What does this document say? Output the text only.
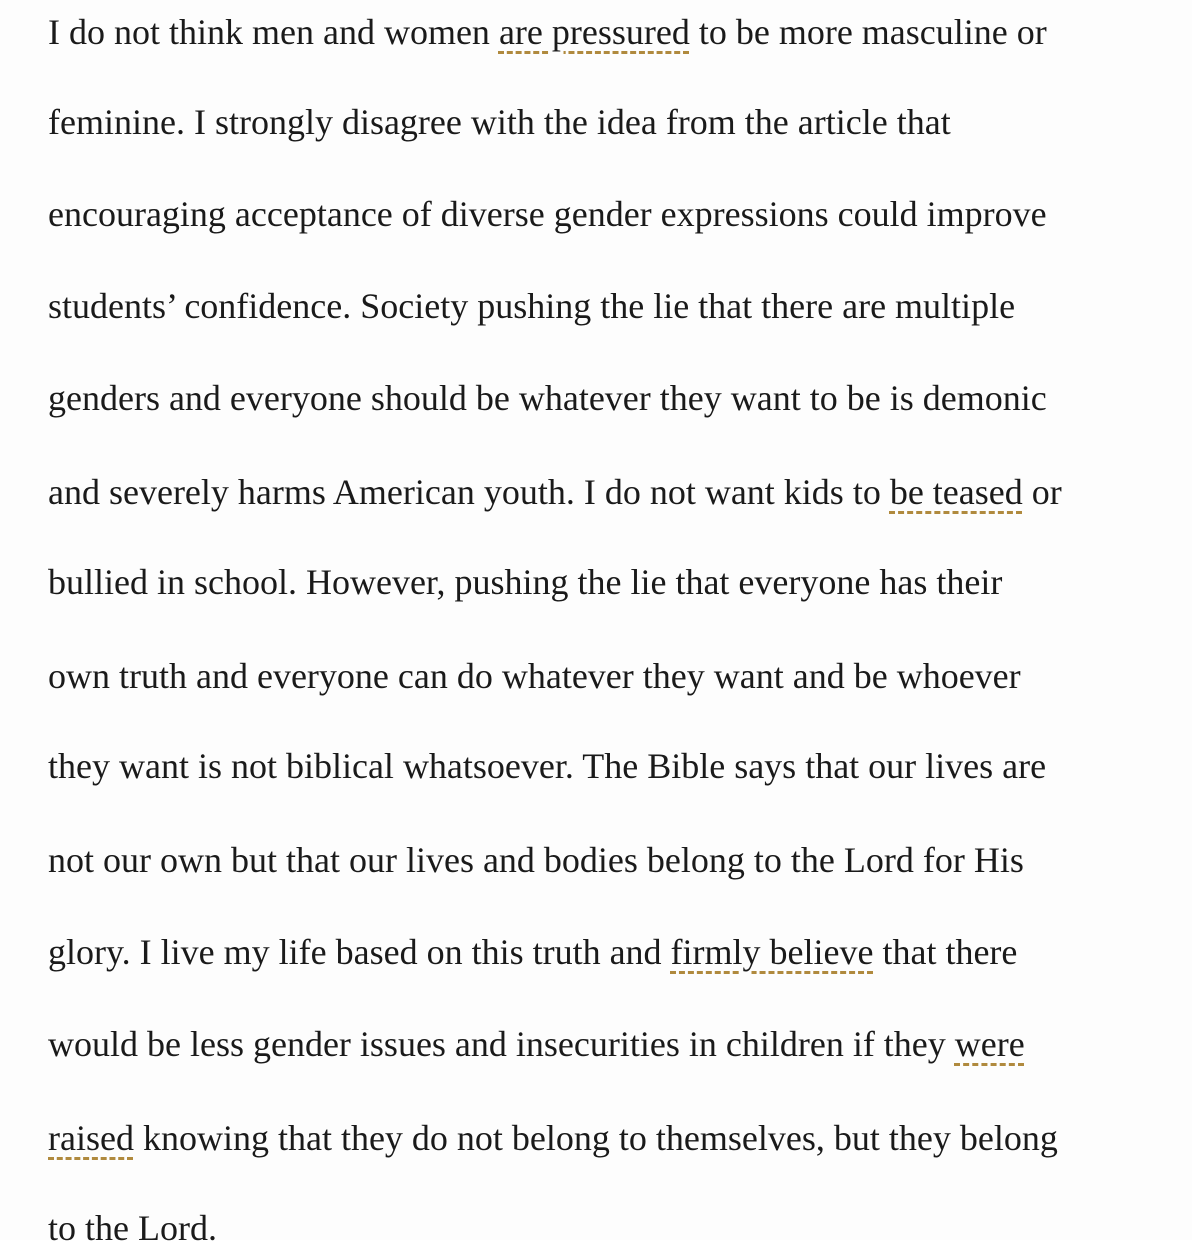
I do not think men and women are pressured to be more masculine or
feminine. I strongly disagree with the idea from the article that
encouraging acceptance of diverse gender expressions could improve
students’ confidence. Society pushing the lie that there are multiple
genders and everyone should be whatever they want to be is demonic
and severely harms American youth. I do not want kids to be teased or
bullied in school. However, pushing the lie that everyone has their
own truth and everyone can do whatever they want and be whoever
they want is not biblical whatsoever. The Bible says that our lives are
not our own but that our lives and bodies belong to the Lord for His
glory. I live my life based on this truth and firmly believe that there
would be less gender issues and insecurities in children if they were
raised knowing that they do not belong to themselves, but they belong
to the Lord.
